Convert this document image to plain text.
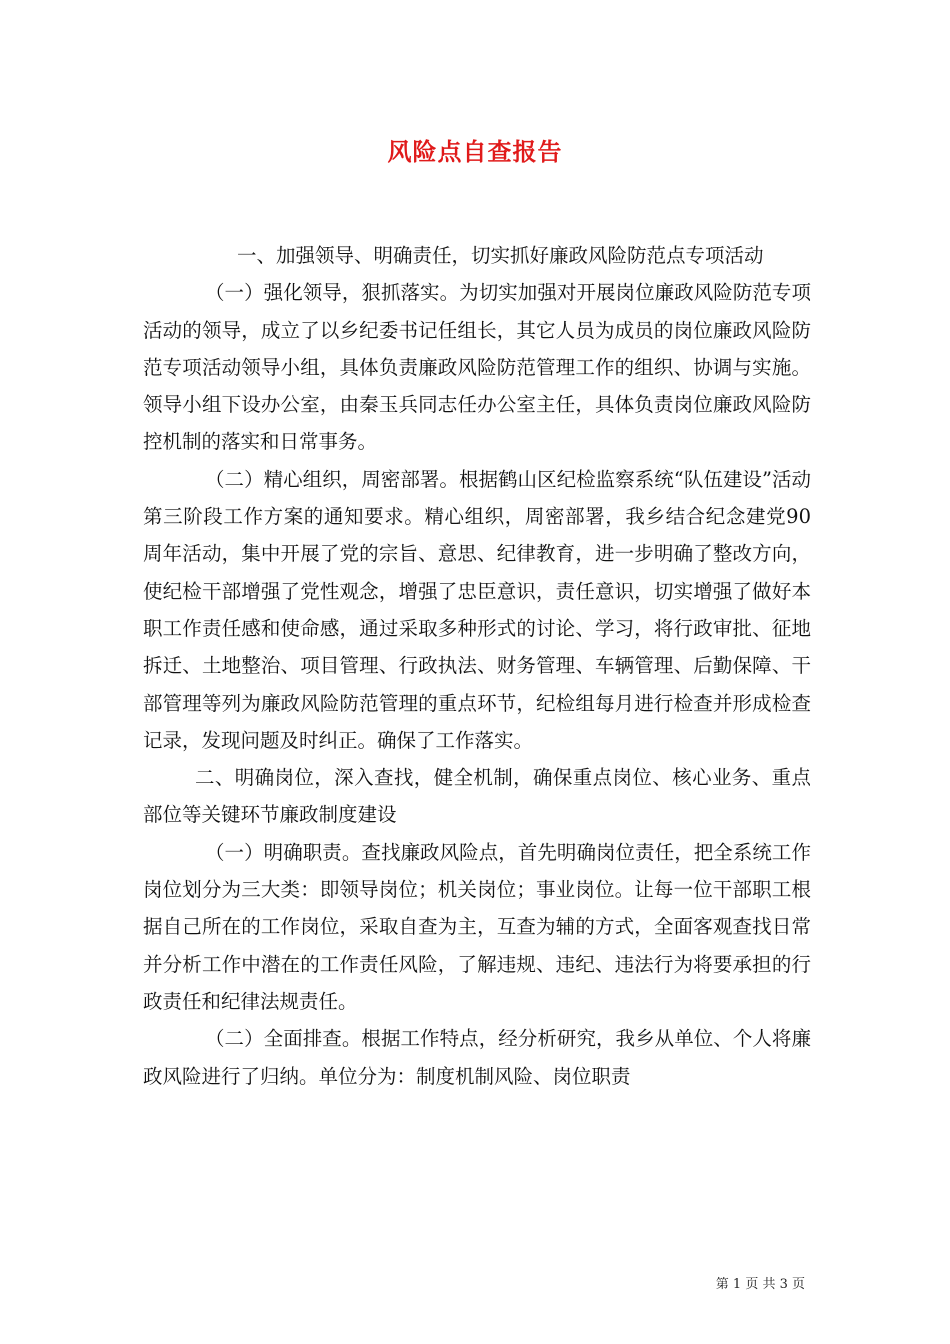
风险点自查报告

一、加强领导、明确责任，切实抓好廉政风险防范点专项活动

（一）强化领导，狠抓落实。为切实加强对开展岗位廉政风险防范专项活动的领导，成立了以乡纪委书记任组长，其它人员为成员的岗位廉政风险防范专项活动领导小组，具体负责廉政风险防范管理工作的组织、协调与实施。领导小组下设办公室，由秦玉兵同志任办公室主任，具体负责岗位廉政风险防控机制的落实和日常事务。

（二）精心组织，周密部署。根据鹤山区纪检监察系统“队伍建设”活动第三阶段工作方案的通知要求。精心组织，周密部署，我乡结合纪念建党90周年活动，集中开展了党的宗旨、意思、纪律教育，进一步明确了整改方向，使纪检干部增强了党性观念，增强了忠臣意识，责任意识，切实增强了做好本职工作责任感和使命感，通过采取多种形式的讨论、学习，将行政审批、征地拆迁、土地整治、项目管理、行政执法、财务管理、车辆管理、后勤保障、干部管理等列为廉政风险防范管理的重点环节，纪检组每月进行检查并形成检查记录，发现问题及时纠正。确保了工作落实。

二、明确岗位，深入查找，健全机制，确保重点岗位、核心业务、重点部位等关键环节廉政制度建设

（一）明确职责。查找廉政风险点，首先明确岗位责任，把全系统工作岗位划分为三大类：即领导岗位；机关岗位；事业岗位。让每一位干部职工根据自己所在的工作岗位，采取自查为主，互查为辅的方式，全面客观查找日常并分析工作中潜在的工作责任风险，了解违规、违纪、违法行为将要承担的行政责任和纪律法规责任。

（二）全面排查。根据工作特点，经分析研究，我乡从单位、个人将廉政风险进行了归纳。单位分为：制度机制风险、岗位职责

第 1 页 共 3 页
